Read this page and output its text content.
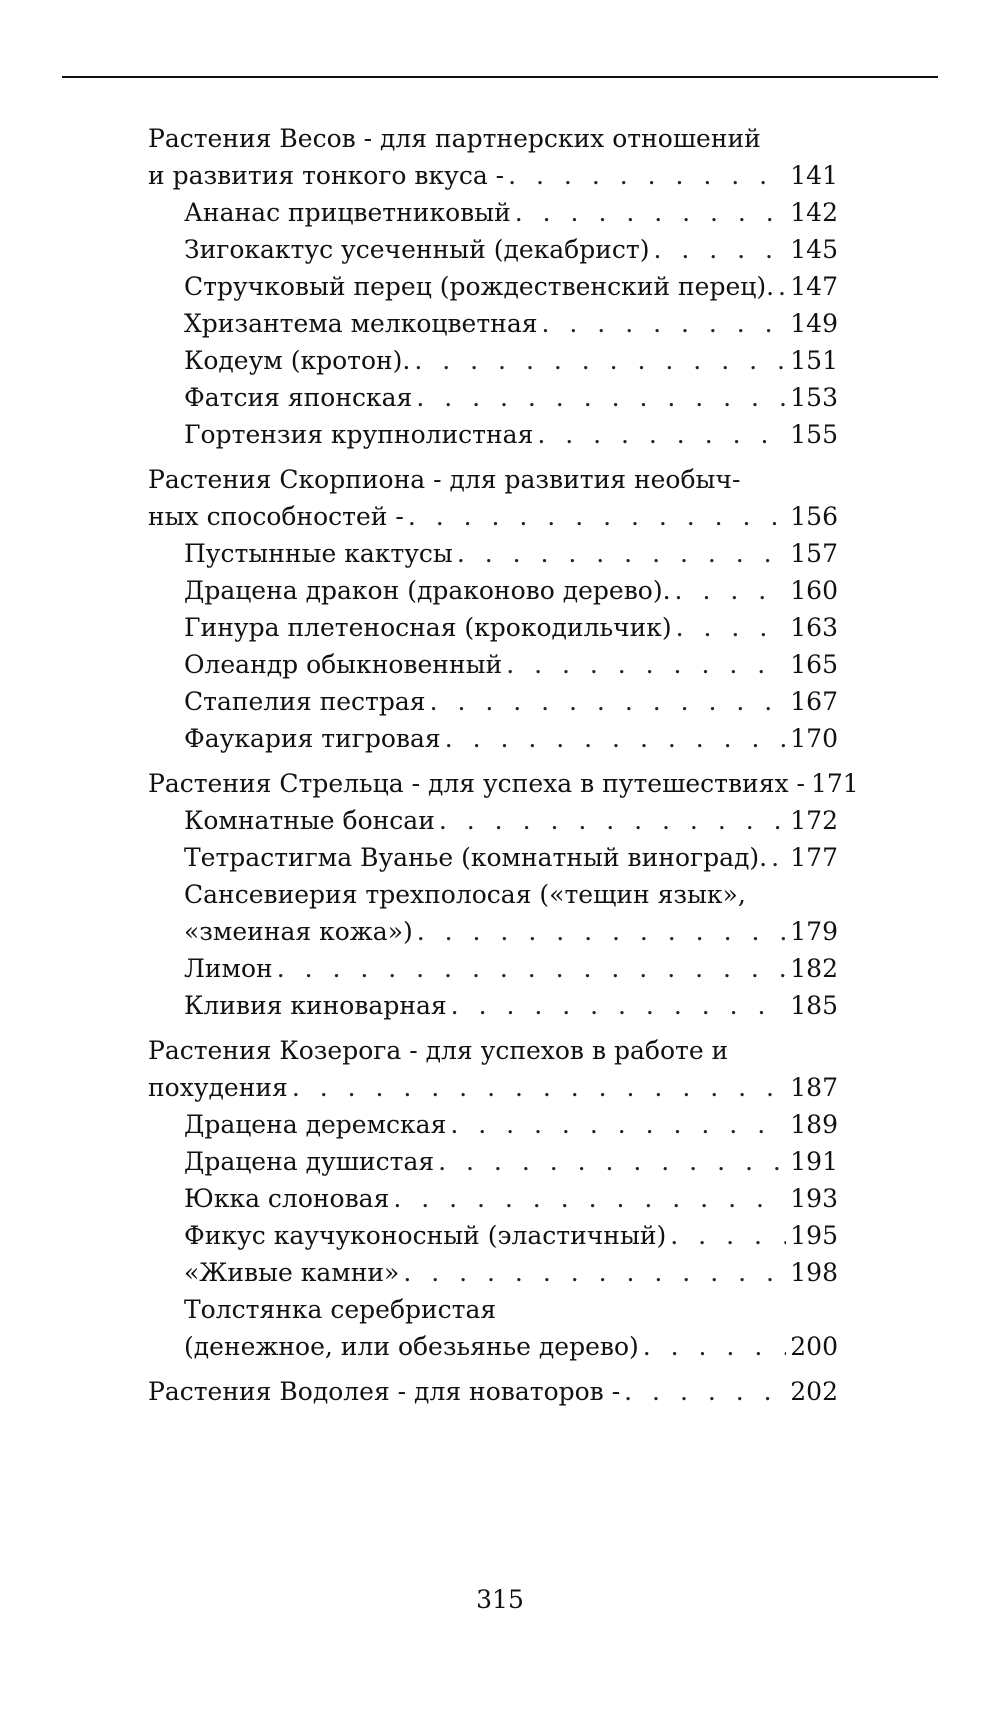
Растения Весов - для партнерских отношений
и развития тонкого вкуса - . . .	141
Ананас прицветниковый . . .	142
Зигокактус усеченный (декабрист) . . .	145
Стручковый перец (рождественский перец). . . . 147
Хризантема мелкоцветная . . .	149
Кодеум (кротон). . . .	151
Фатсия японская . . .	153
Гортензия крупнолистная . . .	155
Растения Скорпиона - для развития необыч-
ных способностей - . . .	156
Пустынные кактусы . . .	157
Драцена дракон (драконово дерево). . . .	160
Гинура плетеносная (крокодильчик) . . .	163
Олеандр обыкновенный . . .	165
Стапелия пестрая . . .	167
Фаукария тигровая . . .	170
Растения Стрельца - для успеха в путешествиях - 171
Комнатные бонсаи . . .	172
Тетрастигма Вуанье (комнатный виноград). . . . 177
Сансевиерия трехполосая («тещин язык»,
«змеиная кожа») . . .	179
Лимон . . .	182
Кливия киноварная . . .	185
Растения Козерога - для успехов в работе и
похудения . . .	187
Драцена деремская . . .	189
Драцена душистая . . .	191
Юкка слоновая . . .	193
Фикус каучуконосный (эластичный) . . .	195
«Живые камни» . . .	198
Толстянка серебристая
(денежное, или обезьянье дерево) . . .	200
Растения Водолея - для новаторов - . . .	202
315
